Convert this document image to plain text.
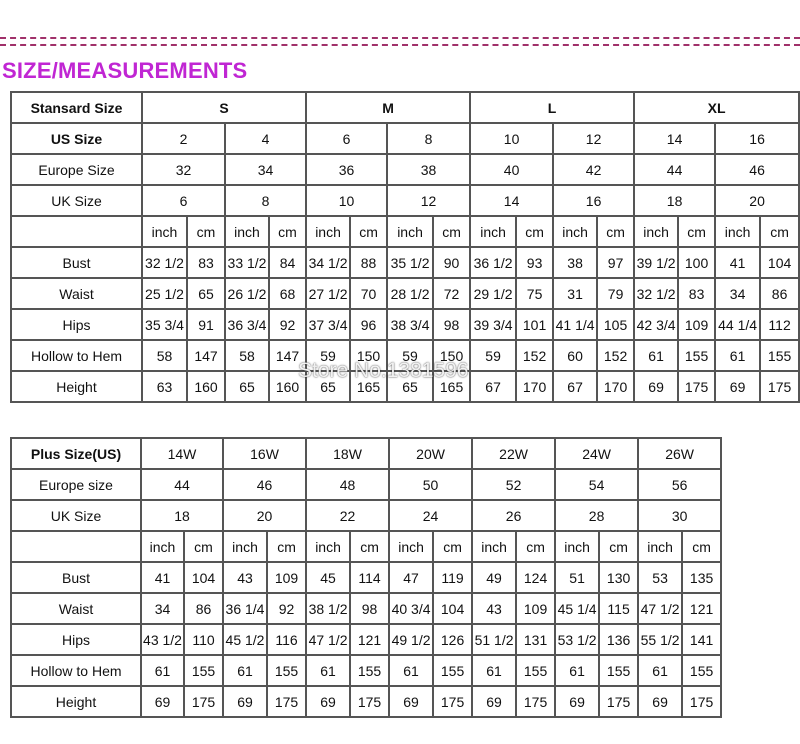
SIZE/MEASUREMENTS
Stansard Size	S				M				L				XL			
US Size	2		4		6		8		10		12		14		16	
Europe Size	32		34		36		38		40		42		44		46	
UK Size	6		8		10		12		14		16		18		20	
	inch	cm	inch	cm	inch	cm	inch	cm	inch	cm	inch	cm	inch	cm	inch	cm
Bust	32 1/2	83	33 1/2	84	34 1/2	88	35 1/2	90	36 1/2	93	38	97	39 1/2	100	41	104
Waist	25 1/2	65	26 1/2	68	27 1/2	70	28 1/2	72	29 1/2	75	31	79	32 1/2	83	34	86
Hips	35 3/4	91	36 3/4	92	37 3/4	96	38 3/4	98	39 3/4	101	41 1/4	105	42 3/4	109	44 1/4	112
Hollow to Hem	58	147	58	147	59	150	59	150	59	152	60	152	61	155	61	155
Height	63	160	65	160	65	165	65	165	67	170	67	170	69	175	69	175
Plus Size(US)	14W		16W		18W		20W		22W		24W		26W		
Europe size	44		46		48		50		52		54		56		
UK Size	18		20		22		24		26		28		30		
	inch	cm	inch	cm	inch	cm	inch	cm	inch	cm	inch	cm	inch	cm	
Bust	41	104	43	109	45	114	47	119	49	124	51	130	53	135	
Waist	34	86	36 1/4	92	38 1/2	98	40 3/4	104	43	109	45 1/4	115	47 1/2	121	
Hips	43 1/2	110	45 1/2	116	47 1/2	121	49 1/2	126	51 1/2	131	53 1/2	136	55 1/2	141	
Hollow to Hem	61	155	61	155	61	155	61	155	61	155	61	155	61	155	
Height	69	175	69	175	69	175	69	175	69	175	69	175	69	175	
Store No.1381596
